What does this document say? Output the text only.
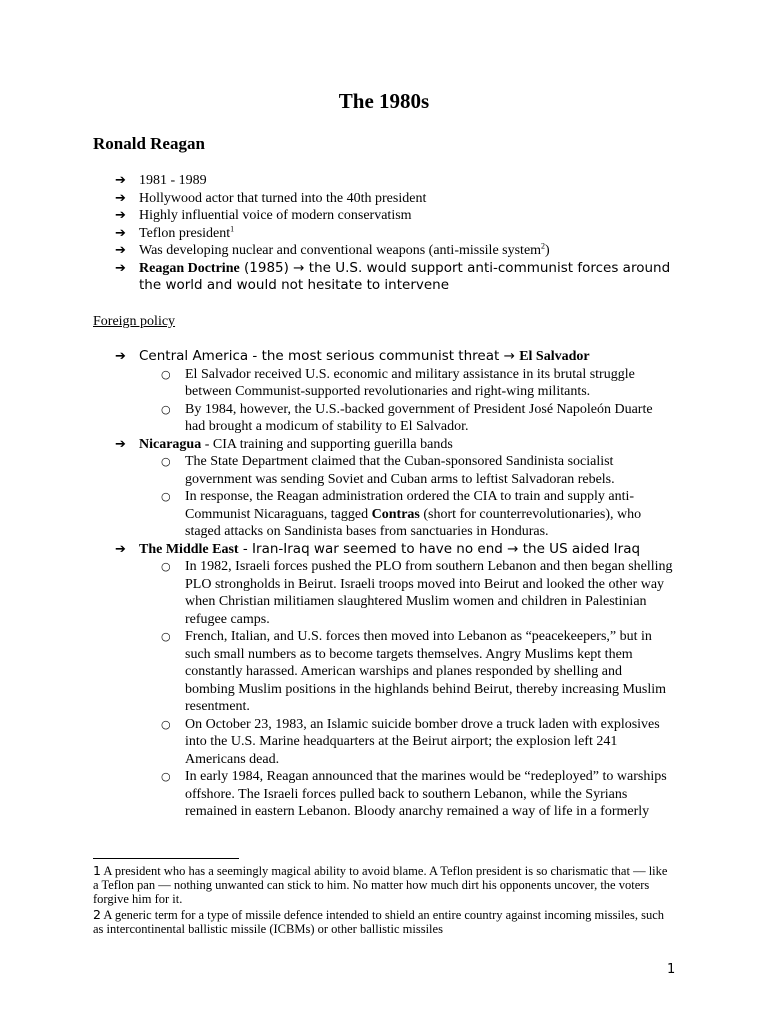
The 1980s
Ronald Reagan
➔ 1981 - 1989
➔ Hollywood actor that turned into the 40th president
➔ Highly influential voice of modern conservatism
➔ Teflon president$^1$
➔ Was developing nuclear and conventional weapons (anti-missile system$^2$)
➔ Reagan Doctrine (1985) → the U.S. would support anti-communist forces around the world and would not hesitate to intervene
Foreign policy
➔ Central America - the most serious communist threat → El Salvador
○ El Salvador received U.S. economic and military assistance in its brutal struggle between Communist-supported revolutionaries and right-wing militants.
○ By 1984, however, the U.S.-backed government of President José Napoleón Duarte had brought a modicum of stability to El Salvador.
➔ Nicaragua - CIA training and supporting guerilla bands
○ The State Department claimed that the Cuban-sponsored Sandinista socialist government was sending Soviet and Cuban arms to leftist Salvadoran rebels.
○ In response, the Reagan administration ordered the CIA to train and supply anti-Communist Nicaraguans, tagged Contras (short for counterrevolutionaries), who staged attacks on Sandinista bases from sanctuaries in Honduras.
➔ The Middle East - Iran-Iraq war seemed to have no end → the US aided Iraq
○ In 1982, Israeli forces pushed the PLO from southern Lebanon and then began shelling PLO strongholds in Beirut. Israeli troops moved into Beirut and looked the other way when Christian militiamen slaughtered Muslim women and children in Palestinian refugee camps.
○ French, Italian, and U.S. forces then moved into Lebanon as “peacekeepers,” but in such small numbers as to become targets themselves. Angry Muslims kept them constantly harassed. American warships and planes responded by shelling and bombing Muslim positions in the highlands behind Beirut, thereby increasing Muslim resentment.
○ On October 23, 1983, an Islamic suicide bomber drove a truck laden with explosives into the U.S. Marine headquarters at the Beirut airport; the explosion left 241 Americans dead.
○ In early 1984, Reagan announced that the marines would be “redeployed” to warships offshore. The Israeli forces pulled back to southern Lebanon, while the Syrians remained in eastern Lebanon. Bloody anarchy remained a way of life in a formerly
1 A president who has a seemingly magical ability to avoid blame. A Teflon president is so charismatic that — like a Teflon pan — nothing unwanted can stick to him. No matter how much dirt his opponents uncover, the voters forgive him for it.
2 A generic term for a type of missile defence intended to shield an entire country against incoming missiles, such as intercontinental ballistic missile (ICBMs) or other ballistic missiles
1
